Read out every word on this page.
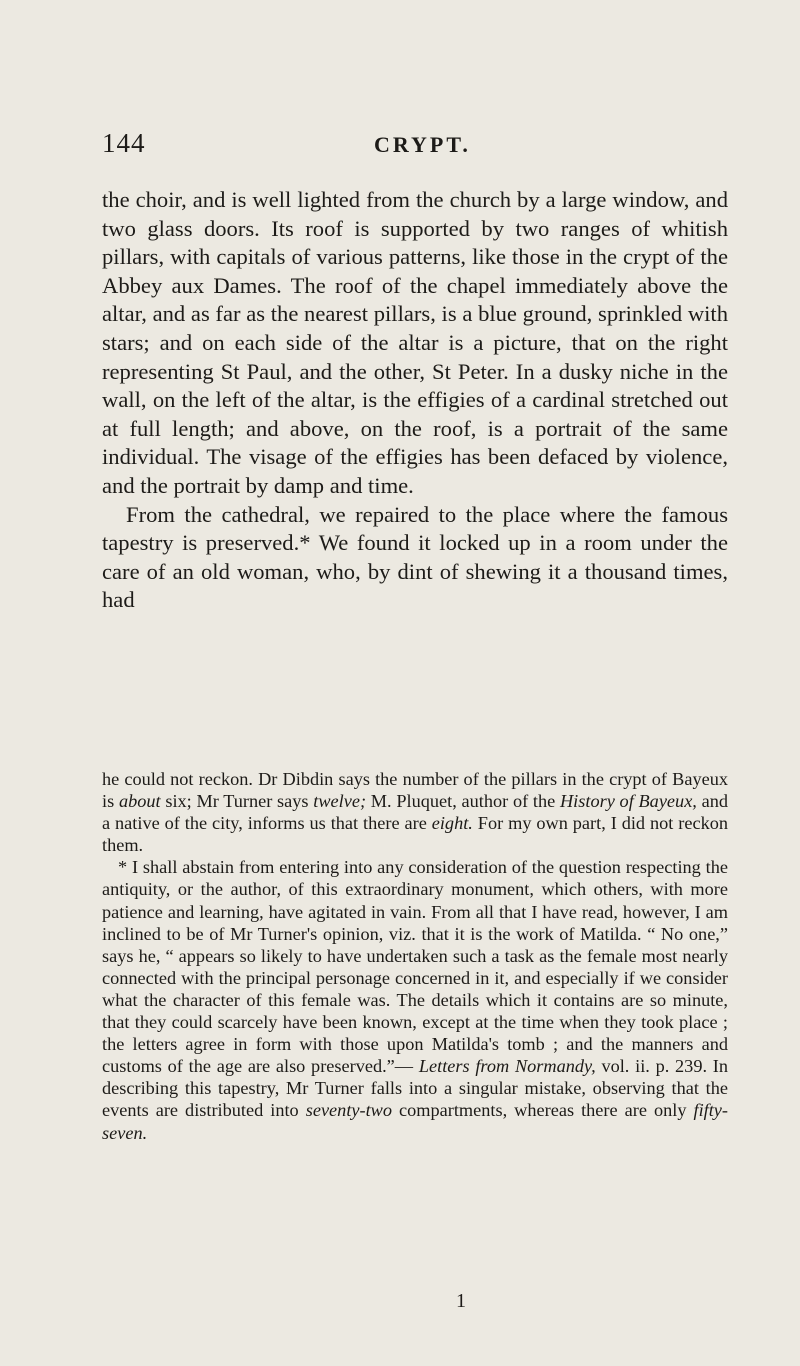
144	CRYPT.

the choir, and is well lighted from the church by a large window, and two glass doors. Its roof is supported by two ranges of whitish pillars, with capitals of various patterns, like those in the crypt of the Abbey aux Dames. The roof of the chapel immediately above the altar, and as far as the nearest pillars, is a blue ground, sprinkled with stars; and on each side of the altar is a picture, that on the right representing St Paul, and the other, St Peter. In a dusky niche in the wall, on the left of the altar, is the effigies of a cardinal stretched out at full length; and above, on the roof, is a portrait of the same individual. The visage of the effigies has been defaced by violence, and the portrait by damp and time.

From the cathedral, we repaired to the place where the famous tapestry is preserved.* We found it locked up in a room under the care of an old woman, who, by dint of shewing it a thousand times, had

he could not reckon. Dr Dibdin says the number of the pillars in the crypt of Bayeux is about six; Mr Turner says twelve; M. Pluquet, author of the History of Bayeux, and a native of the city, informs us that there are eight. For my own part, I did not reckon them.

* I shall abstain from entering into any consideration of the question respecting the antiquity, or the author, of this extraordinary monument, which others, with more patience and learning, have agitated in vain. From all that I have read, however, I am inclined to be of Mr Turner's opinion, viz. that it is the work of Matilda. “ No one,” says he, “ appears so likely to have undertaken such a task as the female most nearly connected with the principal personage concerned in it, and especially if we consider what the character of this female was. The details which it contains are so minute, that they could scarcely have been known, except at the time when they took place ; the letters agree in form with those upon Matilda's tomb ; and the manners and customs of the age are also preserved.”— Letters from Normandy, vol. ii. p. 239. In describing this tapestry, Mr Turner falls into a singular mistake, observing that the events are distributed into seventy-two compartments, whereas there are only fifty-seven.

1
